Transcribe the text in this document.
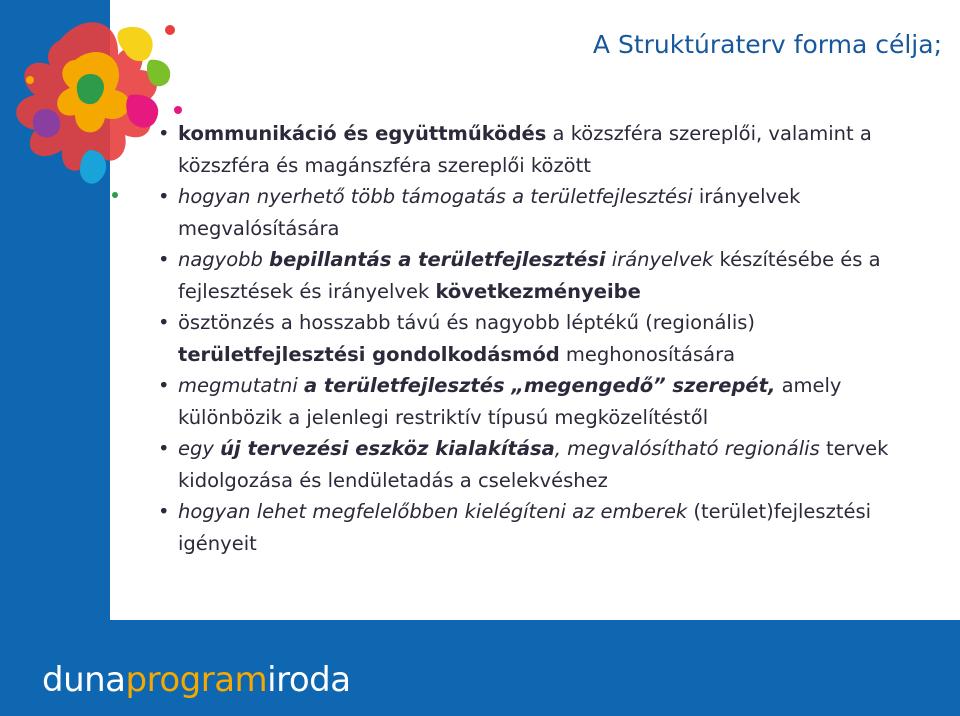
A Struktúraterv forma célja;
• kommunikáció és együttműködés a közszféra szereplői, valamint a közszféra és magánszféra szereplői között
• hogyan nyerhető több támogatás a területfejlesztési irányelvek megvalósítására
• nagyobb bepillantás a területfejlesztési irányelvek készítésébe és a fejlesztések és irányelvek következményeibe
• ösztönzés a hosszabb távú és nagyobb léptékű (regionális) területfejlesztési gondolkodásmód meghonosítására
• megmutatni a területfejlesztés „megengedő” szerepét, amely különbözik a jelenlegi restriktív típusú megközelítéstől
• egy új tervezési eszköz kialakítása, megvalósítható regionális tervek kidolgozása és lendületadás a cselekvéshez
• hogyan lehet megfelelőbben kielégíteni az emberek (terület)fejlesztési igényeit
dunaprogramiroda
